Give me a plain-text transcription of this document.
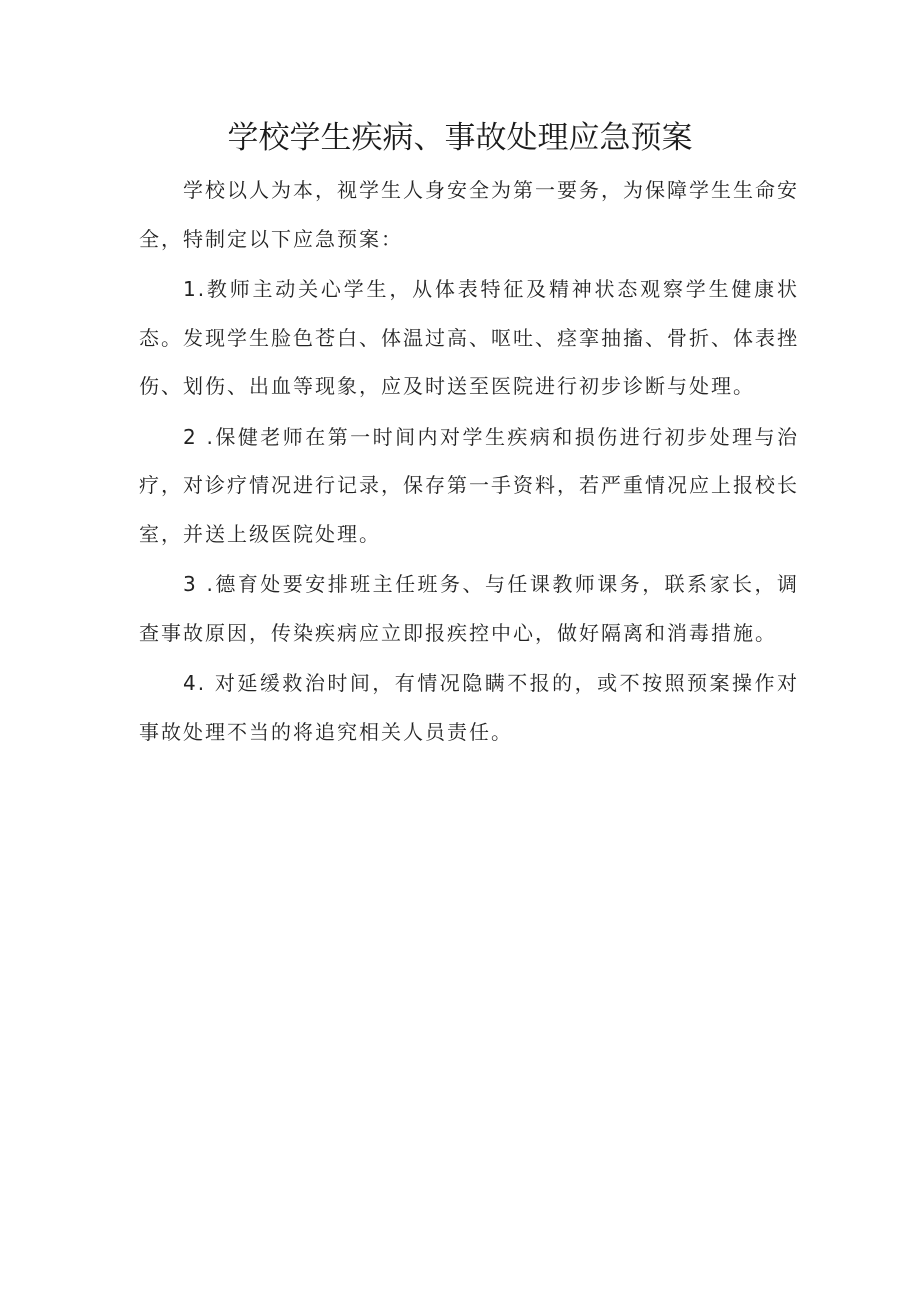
学校学生疾病、事故处理应急预案

学校以人为本，视学生人身安全为第一要务，为保障学生生命安全，特制定以下应急预案：

1.教师主动关心学生，从体表特征及精神状态观察学生健康状态。发现学生脸色苍白、体温过高、呕吐、痉挛抽搐、骨折、体表挫伤、划伤、出血等现象，应及时送至医院进行初步诊断与处理。

2 .保健老师在第一时间内对学生疾病和损伤进行初步处理与治疗，对诊疗情况进行记录，保存第一手资料，若严重情况应上报校长室，并送上级医院处理。

3 .德育处要安排班主任班务、与任课教师课务，联系家长，调查事故原因，传染疾病应立即报疾控中心，做好隔离和消毒措施。

4. 对延缓救治时间，有情况隐瞒不报的，或不按照预案操作对事故处理不当的将追究相关人员责任。
